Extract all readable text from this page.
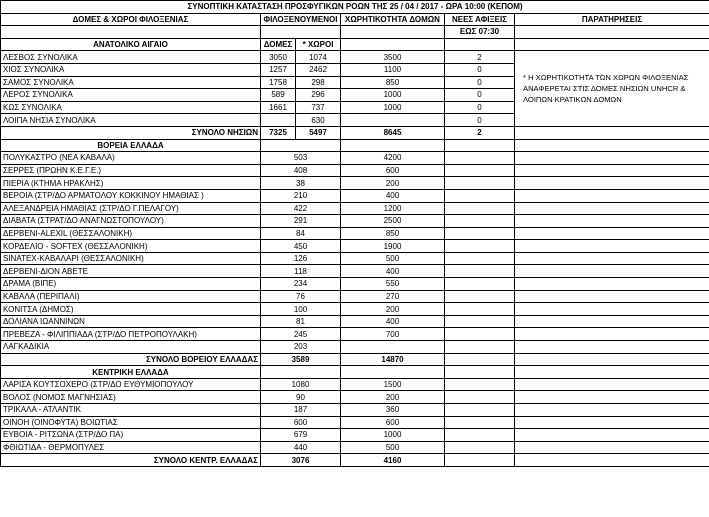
ΣΥΝΟΠΤΙΚΗ ΚΑΤΑΣΤΑΣΗ ΠΡΟΣΦΥΓΙΚΩΝ ΡΟΩΝ ΤΗΣ 25 / 04 / 2017 - ΩΡΑ 10:00 (ΚΕΠΟΜ)					
ΔΟΜΕΣ & ΧΩΡΟΙ ΦΙΛΟΞΕΝΙΑΣ	ΦΙΛΟΞΕΝΟΥΜΕΝΟΙ		ΧΩΡΗΤΙΚΟΤΗΤΑ ΔΟΜΩΝ	ΝΕΕΣ ΑΦΙΞΕΙΣ	ΠΑΡΑΤΗΡΗΣΕΙΣ
				ΕΩΣ 07:30	
ΑΝΑΤΟΛΙΚΟ ΑΙΓΑΙΟ	ΔΟΜΕΣ	* ΧΩΡΟΙ			
ΛΕΣΒΟΣ ΣΥΝΟΛΙΚΑ	3050	1074	3500	2	* Η ΧΩΡΗΤΙΚΟΤΗΤΑ ΤΩΝ ΧΩΡΩΝ ΦΙΛΟΞΕΝΙΑΣ ΑΝΑΦΕΡΕΤΑΙ ΣΤΙΣ ΔΟΜΕΣ ΝΗΣΙΩΝ UNHCR & ΛΟΙΠΩΝ ΚΡΑΤΙΚΩΝ ΔΟΜΩΝ
ΧΙΟΣ ΣΥΝΟΛΙΚΑ	1257	2462	1100	0	
ΣΑΜΟΣ ΣΥΝΟΛΙΚΑ	1758	298	850	0	
ΛΕΡΟΣ ΣΥΝΟΛΙΚΑ	589	296	1000	0	
ΚΩΣ ΣΥΝΟΛΙΚΑ	1661	737	1000	0	
ΛΟΙΠΑ ΝΗΣΙΑ ΣΥΝΟΛΙΚΑ		630		0	
ΣΥΝΟΛΟ ΝΗΣΙΩΝ	7325	5497	8645	2	
ΒΟΡΕΙΑ ΕΛΛΑΔΑ					
ΠΟΛΥΚΑΣΤΡΟ (ΝΕΑ ΚΑΒΑΛΑ)	503		4200		
ΣΕΡΡΕΣ (ΠΡΩΗΝ Κ.Ε.Γ.Ε.)	408		600		
ΠΙΕΡΙΑ (ΚΤΗΜΑ ΗΡΑΚΛΗΣ)	38		200		
ΒΕΡΟΙΑ (ΣΤΡ/ΔΟ ΑΡΜΑΤΟΛΟΥ ΚΟΚΚΙΝΟΥ ΗΜΑΘΙΑΣ )	210		400		
ΑΛΕΞΑΝΔΡΕΙΑ ΗΜΑΘΙΑΣ (ΣΤΡ/ΔΟ Γ.ΠΕΛΑΓΟΥ)	422		1200		
ΔΙΑΒΑΤΑ (ΣΤΡΑΤ/ΔΟ ΑΝΑΓΝΩΣΤΟΠΟΥΛΟΥ)	291		2500		
ΔΕΡΒΕΝΙ-ALEXIL (ΘΕΣΣΑΛΟΝΙΚΗ)	84		850		
ΚΟΡΔΕΛΙΟ - SOFTEX (ΘΕΣΣΑΛΟΝΙΚΗ)	450		1900		
SINATEX-ΚΑΒΑΛΑΡΙ (ΘΕΣΣΑΛΟΝΙΚΗ)	126		500		
ΔΕΡΒΕΝΙ-ΔΙΟΝ ΑΒΕΤΕ	118		400		
ΔΡΑΜΑ (ΒΙΠΕ)	234		550		
ΚΑΒΑΛΑ (ΠΕΡΙΠΑΛΙ)	76		270		
ΚΟΝΙΤΣΑ (ΔΗΜΟΣ)	100		200		
ΔΟΛΙΑΝΑ ΙΩΑΝΝΙΝΩΝ	81		400		
ΠΡΕΒΕΖΑ - ΦΙΛΙΠΠΙΑΔΑ (ΣΤΡ/ΔΟ ΠΕΤΡΟΠΟΥΛΑΚΗ)	245		700		
ΛΑΓΚΑΔΙΚΙΑ	203				
ΣΥΝΟΛΟ ΒΟΡΕΙΟΥ ΕΛΛΑΔΑΣ	3589		14870		
ΚΕΝΤΡΙΚΗ ΕΛΛΑΔΑ					
ΛΑΡΙΣΑ ΚΟΥΤΣΟΧΕΡΟ (ΣΤΡ/ΔΟ ΕΥΘΥΜΙΟΠΟΥΛΟΥ	1080		1500		
ΒΟΛΟΣ (ΝΟΜΟΣ ΜΑΓΝΗΣΙΑΣ)	90		200		
ΤΡΙΚΑΛΑ - ΑΤΛΑΝΤΙΚ	187		360		
ΟΙΝΟΗ (ΟΙΝΟΦΥΤΑ) ΒΟΙΩΤΙΑΣ	600		600		
ΕΥΒΟΙΑ - ΡΙΤΣΩΝΑ (ΣΤΡ/ΔΟ ΠΑ)	679		1000		
ΦΘΙΩΤΙΔΑ - ΘΕΡΜΟΠΥΛΕΣ	440		500		
ΣΥΝΟΛΟ ΚΕΝΤΡ. ΕΛΛΑΔΑΣ	3076		4160		
